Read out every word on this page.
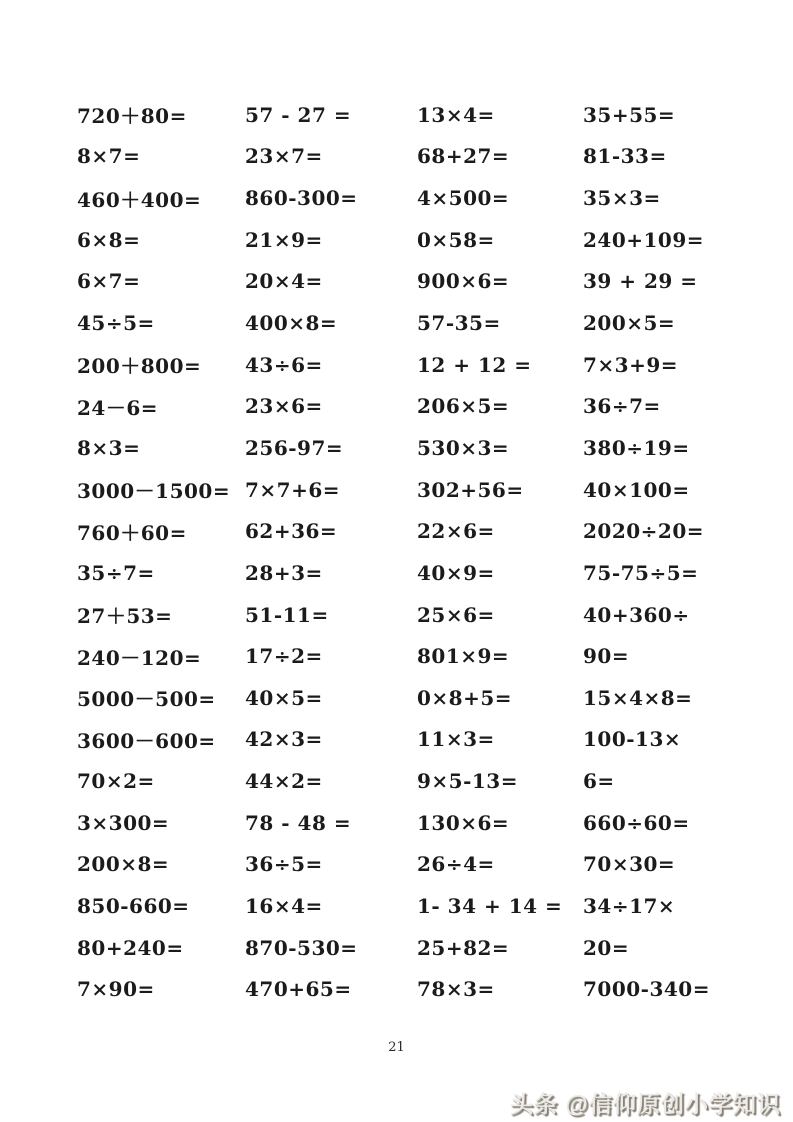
720＋80=	57 - 27 =	13×4=	35+55=
8×7=	23×7=	68+27=	81-33=
460＋400=	860-300=	4×500=	35×3=
6×8=	21×9=	0×58=	240+109=
6×7=	20×4=	900×6=	39 + 29 =
45÷5=	400×8=	57-35=	200×5=
200＋800=	43÷6=	12 + 12 =	7×3+9=
24－6=	23×6=	206×5=	36÷7=
8×3=	256-97=	530×3=	380÷19=
3000－1500= 7×7+6=	302+56=	40×100=
760＋60=	62+36=	22×6=	2020÷20=
35÷7=	28+3=	40×9=	75-75÷5=
27＋53=	51-11=	25×6=	40+360÷
240－120=	17÷2=	801×9=	90=
5000－500=	40×5=	0×8+5=	15×4×8=
3600－600=	42×3=	11×3=	100-13×
70×2=	44×2=	9×5-13=	6=
3×300=	78 - 48 =	130×6=	660÷60=
200×8=	36÷5=	26÷4=	70×30=
850-660=	16×4=	1- 34 + 14 =	34÷17×
80+240=	870-530=	25+82=	20=
7×90=	470+65=	78×3=	7000-340=
21
头条 @信仰原创小学知识
